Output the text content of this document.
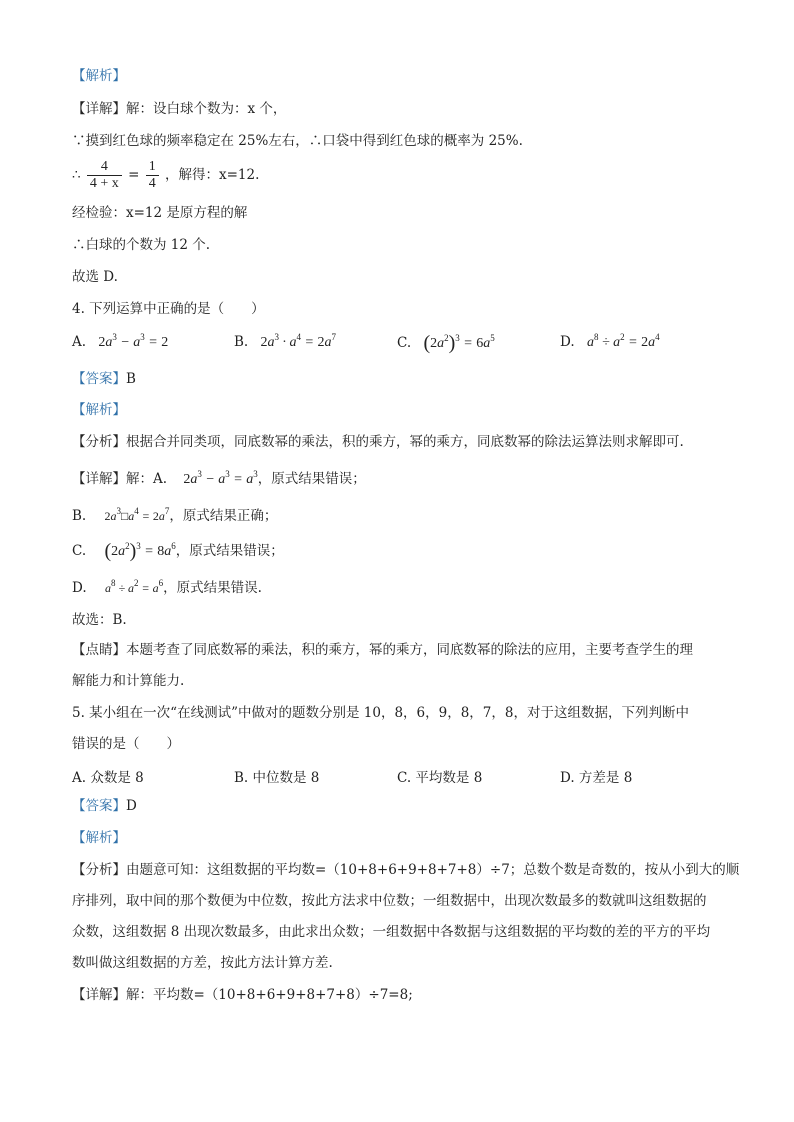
【解析】
【详解】解：设白球个数为：x 个，
∵摸到红色球的频率稳定在 25%左右，∴口袋中得到红色球的概率为 25%.
∴ $\frac{4}{4 + x} = \frac{1}{4}$ ，解得：x=12.
经检验：x=12 是原方程的解
∴白球的个数为 12 个.
故选 D.
4. 下列运算中正确的是（　　）
A. $2a^3 - a^3 = 2$	B. $2a^3 \cdot a^4 = 2a^7$	C. $(2a^2)^3 = 6a^5$	D. $a^8 \div a^2 = 2a^4$
【答案】B
【解析】
【分析】根据合并同类项，同底数幂的乘法，积的乘方，幂的乘方，同底数幂的除法运算法则求解即可.
【详解】解：A. $2a^3 - a^3 = a^3$，原式结果错误；
B. $2a^3□a^4 = 2a^7$，原式结果正确；
C. $(2a^2)^3 = 8a^6$，原式结果错误；
D. $a^8 \div a^2 = a^6$，原式结果错误.
故选：B.
【点睛】本题考查了同底数幂的乘法，积的乘方，幂的乘方，同底数幂的除法的应用，主要考查学生的理
解能力和计算能力.
5. 某小组在一次“在线测试”中做对的题数分别是 10，8，6，9，8，7，8，对于这组数据，下列判断中
错误的是（　　）
A. 众数是 8	B. 中位数是 8	C. 平均数是 8	D. 方差是 8
【答案】D
【解析】
【分析】由题意可知：这组数据的平均数=（10+8+6+9+8+7+8）÷7；总数个数是奇数的，按从小到大的顺
序排列，取中间的那个数便为中位数，按此方法求中位数；一组数据中，出现次数最多的数就叫这组数据的
众数，这组数据 8 出现次数最多，由此求出众数；一组数据中各数据与这组数据的平均数的差的平方的平均
数叫做这组数据的方差，按此方法计算方差.
【详解】解：平均数=（10+8+6+9+8+7+8）÷7=8;
